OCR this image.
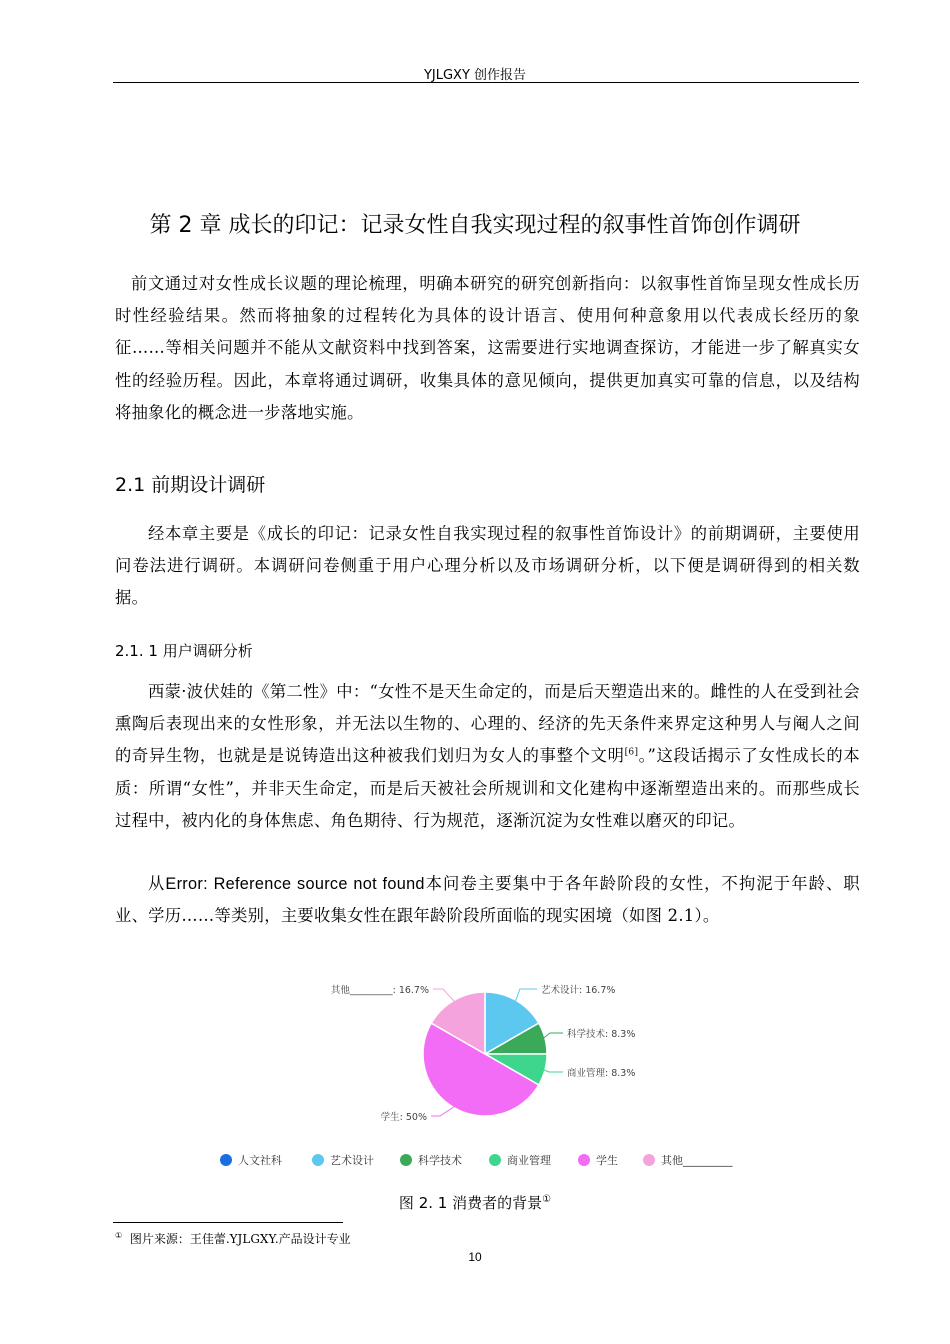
YJLGXY 创作报告
第 2 章 成长的印记：记录女性自我实现过程的叙事性首饰创作调研

前文通过对女性成长议题的理论梳理，明确本研究的研究创新指向：以叙事性首饰呈现女性成长历时性经验结果。然而将抽象的过程转化为具体的设计语言、使用何种意象用以代表成长经历的象征……等相关问题并不能从文献资料中找到答案，这需要进行实地调查探访，才能进一步了解真实女性的经验历程。因此，本章将通过调研，收集具体的意见倾向，提供更加真实可靠的信息，以及结构将抽象化的概念进一步落地实施。

2.1 前期设计调研

经本章主要是《成长的印记：记录女性自我实现过程的叙事性首饰设计》的前期调研，主要使用问卷法进行调研。本调研问卷侧重于用户心理分析以及市场调研分析，以下便是调研得到的相关数据。

2.1. 1 用户调研分析

西蒙·波伏娃的《第二性》中：“女性不是天生命定的，而是后天塑造出来的。雌性的人在受到社会熏陶后表现出来的女性形象，并无法以生物的、心理的、经济的先天条件来界定这种男人与阉人之间的奇异生物，也就是是说铸造出这种被我们划归为女人的事整个文明[6]。”这段话揭示了女性成长的本质：所谓“女性”，并非天生命定，而是后天被社会所规训和文化建构中逐渐塑造出来的。而那些成长过程中，被内化的身体焦虑、角色期待、行为规范，逐渐沉淀为女性难以磨灭的印记。

从Error: Reference source not found本问卷主要集中于各年龄阶段的女性，不拘泥于年龄、职业、学历……等类别，主要收集女性在跟年龄阶段所面临的现实困境（如图 2.1）。

艺术设计: 16.7%
科学技术: 8.3%
商业管理: 8.3%
学生: 50%
其他_________: 16.7%
人文社科	艺术设计	科学技术	商业管理	学生	其他_________
图 2. 1 消费者的背景①
① 图片来源：王佳蕾.YJLGXY.产品设计专业
10
